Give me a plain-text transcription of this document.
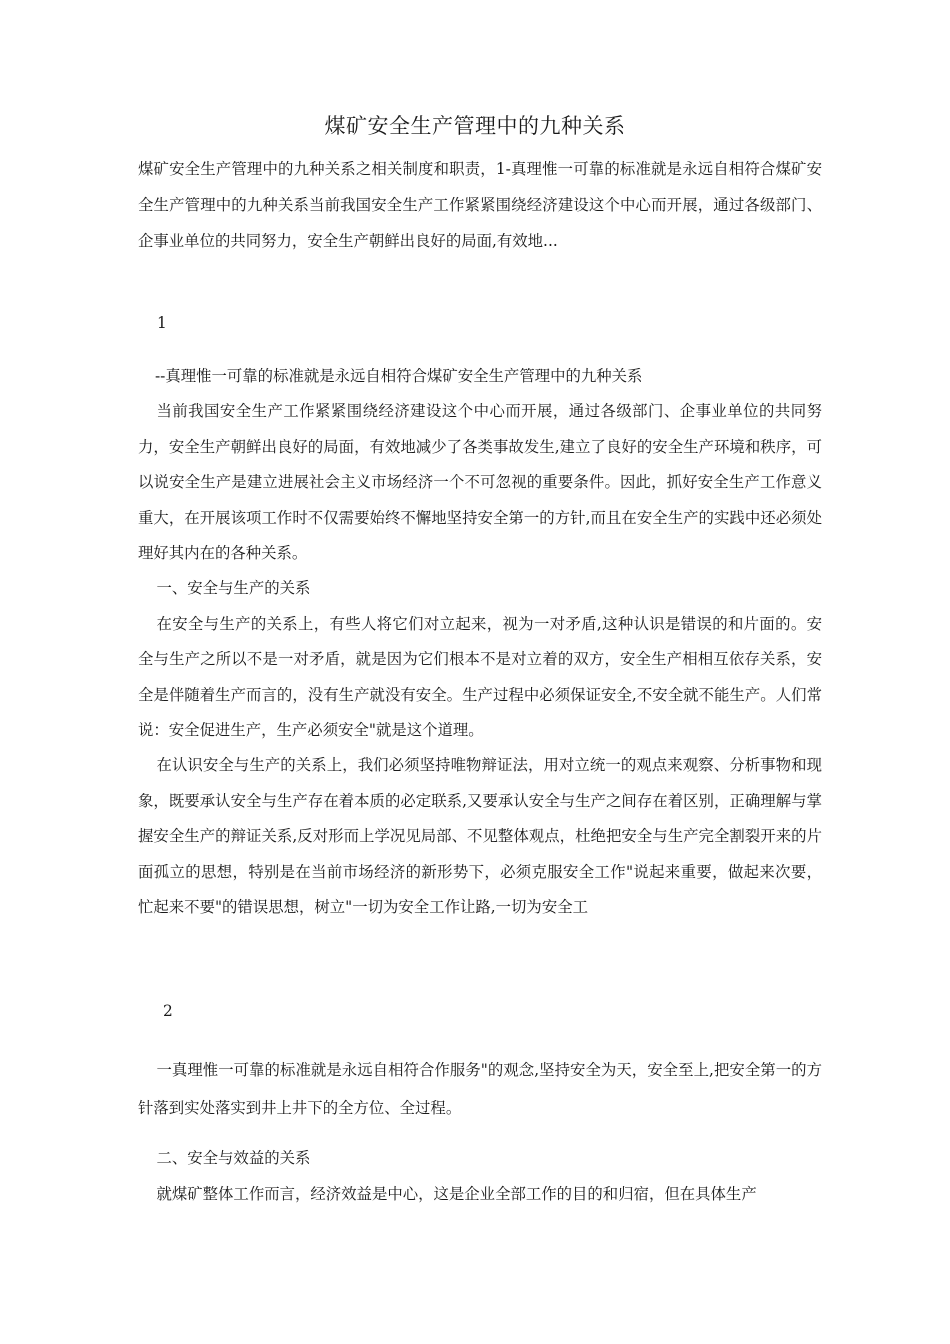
煤矿安全生产管理中的九种关系

煤矿安全生产管理中的九种关系之相关制度和职责，1-真理惟一可靠的标准就是永远自相符合煤矿安全生产管理中的九种关系当前我国安全生产工作紧紧围绕经济建设这个中心而开展，通过各级部门、企事业单位的共同努力，安全生产朝鲜出良好的局面,有效地...

1

--真理惟一可靠的标准就是永远自相符合煤矿安全生产管理中的九种关系

当前我国安全生产工作紧紧围绕经济建设这个中心而开展，通过各级部门、企事业单位的共同努力，安全生产朝鲜出良好的局面，有效地减少了各类事故发生,建立了良好的安全生产环境和秩序，可以说安全生产是建立进展社会主义市场经济一个不可忽视的重要条件。因此，抓好安全生产工作意义重大，在开展该项工作时不仅需要始终不懈地坚持安全第一的方针,而且在安全生产的实践中还必须处理好其内在的各种关系。

一、安全与生产的关系

在安全与生产的关系上，有些人将它们对立起来，视为一对矛盾,这种认识是错误的和片面的。安全与生产之所以不是一对矛盾，就是因为它们根本不是对立着的双方，安全生产相相互依存关系，安全是伴随着生产而言的，没有生产就没有安全。生产过程中必须保证安全,不安全就不能生产。人们常说：安全促进生产，生产必须安全"就是这个道理。

在认识安全与生产的关系上，我们必须坚持唯物辩证法，用对立统一的观点来观察、分析事物和现象，既要承认安全与生产存在着本质的必定联系,又要承认安全与生产之间存在着区别，正确理解与掌握安全生产的辩证关系,反对形而上学况见局部、不见整体观点，杜绝把安全与生产完全割裂开来的片面孤立的思想，特别是在当前市场经济的新形势下，必须克服安全工作"说起来重要，做起来次要，忙起来不要"的错误思想，树立"一切为安全工作让路,一切为安全工

2

一真理惟一可靠的标准就是永远自相符合作服务"的观念,坚持安全为天，安全至上,把安全第一的方针落到实处落实到井上井下的全方位、全过程。

二、安全与效益的关系

就煤矿整体工作而言，经济效益是中心，这是企业全部工作的目的和归宿，但在具体生产
